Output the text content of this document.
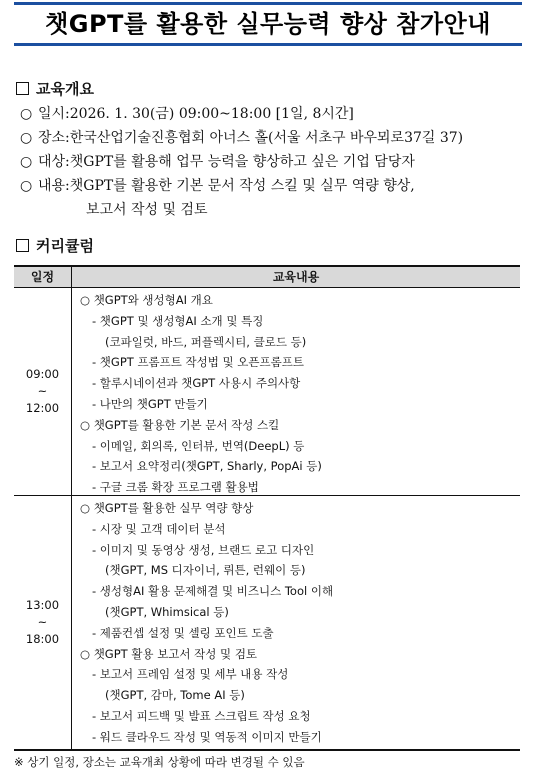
챗GPT를 활용한 실무능력 향상 참가안내
교육개요
○ 일시:2026. 1. 30(금) 09:00~18:00 [1일, 8시간]
○ 장소:한국산업기술진흥협회 아너스 홀(서울 서초구 바우뫼로37길 37)
○ 대상:챗GPT를 활용해 업무 능력을 향상하고 싶은 기업 담당자
○ 내용:챗GPT를 활용한 기본 문서 작성 스킬 및 실무 역량 향상,
보고서 작성 및 검토
커리큘럼
일정	교육내용
09:00
~
12:00
○ 챗GPT와 생성형AI 개요
- 챗GPT 및 생성형AI 소개 및 특징
(코파일럿, 바드, 퍼플렉시티, 클로드 등)
- 챗GPT 프롬프트 작성법 및 오픈프롬프트
- 할루시네이션과 챗GPT 사용시 주의사항
- 나만의 챗GPT 만들기
○ 챗GPT를 활용한 기본 문서 작성 스킬
- 이메일, 회의록, 인터뷰, 번역(DeepL) 등
- 보고서 요약정리(챗GPT, Sharly, PopAi 등)
- 구글 크롬 확장 프로그램 활용법
13:00
~
18:00
○ 챗GPT를 활용한 실무 역량 향상
- 시장 및 고객 데이터 분석
- 이미지 및 동영상 생성, 브랜드 로고 디자인
(챗GPT, MS 디자이너, 뤼튼, 런웨이 등)
- 생성형AI 활용 문제해결 및 비즈니스 Tool 이해
(챗GPT, Whimsical 등)
- 제품컨셉 설정 및 셀링 포인트 도출
○ 챗GPT 활용 보고서 작성 및 검토
- 보고서 프레임 설정 및 세부 내용 작성
(챗GPT, 감마, Tome AI 등)
- 보고서 피드백 및 발표 스크립트 작성 요청
- 워드 클라우드 작성 및 역동적 이미지 만들기
※ 상기 일정, 장소는 교육개최 상황에 따라 변경될 수 있음
